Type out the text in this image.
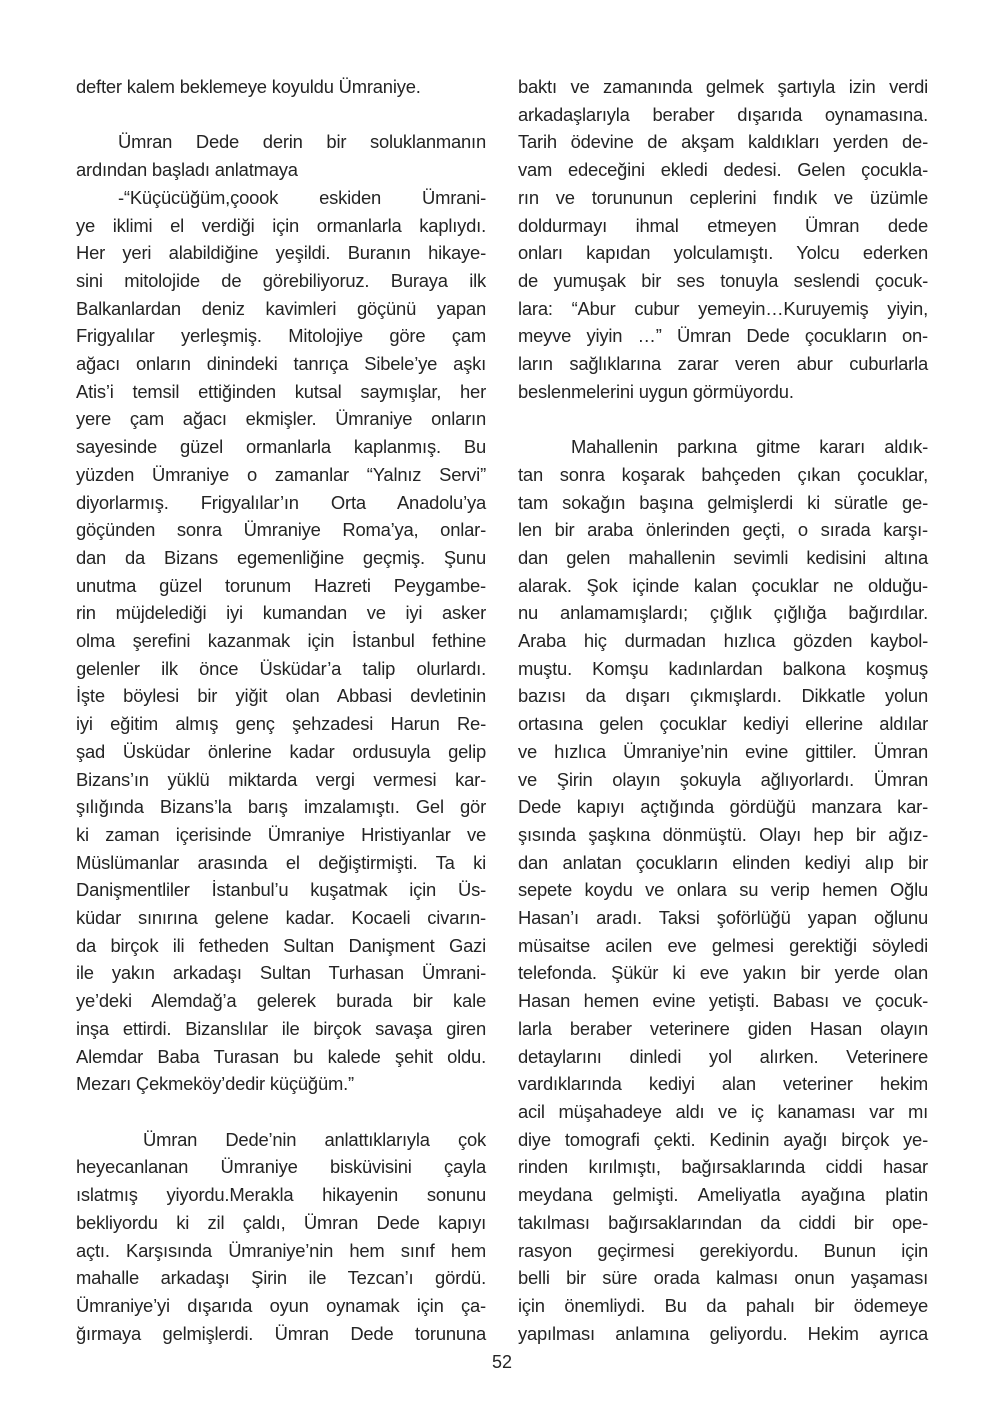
defter kalem beklemeye koyuldu Ümraniye.
Ümran Dede derin bir soluklanmanın
ardından başladı anlatmaya
-“Küçücüğüm,çoook eskiden Ümrani-
ye iklimi el verdiği için ormanlarla kaplıydı.
Her yeri alabildiğine yeşildi. Buranın hikaye-
sini mitolojide de görebiliyoruz. Buraya ilk
Balkanlardan deniz kavimleri göçünü yapan
Frigyalılar yerleşmiş. Mitolojiye göre çam
ağacı onların dinindeki tanrıça Sibele’ye aşkı
Atis’i temsil ettiğinden kutsal saymışlar, her
yere çam ağacı ekmişler. Ümraniye onların
sayesinde güzel ormanlarla kaplanmış. Bu
yüzden Ümraniye o zamanlar “Yalnız Servi”
diyorlarmış. Frigyalılar’ın Orta Anadolu’ya
göçünden sonra Ümraniye Roma’ya, onlar-
dan da Bizans egemenliğine geçmiş. Şunu
unutma güzel torunum Hazreti Peygambe-
rin müjdelediği iyi kumandan ve iyi asker
olma şerefini kazanmak için İstanbul fethine
gelenler ilk önce Üsküdar’a talip olurlardı.
İşte böylesi bir yiğit olan Abbasi devletinin
iyi eğitim almış genç şehzadesi Harun Re-
şad Üsküdar önlerine kadar ordusuyla gelip
Bizans’ın yüklü miktarda vergi vermesi kar-
şılığında Bizans’la barış imzalamıştı. Gel gör
ki zaman içerisinde Ümraniye Hristiyanlar ve
Müslümanlar arasında el değiştirmişti. Ta ki
Danişmentliler İstanbul’u kuşatmak için Üs-
küdar sınırına gelene kadar. Kocaeli civarın-
da birçok ili fetheden Sultan Danişment Gazi
ile yakın arkadaşı Sultan Turhasan Ümrani-
ye’deki Alemdağ’a gelerek burada bir kale
inşa ettirdi. Bizanslılar ile birçok savaşa giren
Alemdar Baba Turasan bu kalede şehit oldu.
Mezarı Çekmeköy’dedir küçüğüm.”
Ümran Dede’nin anlattıklarıyla çok
heyecanlanan Ümraniye bisküvisini çayla
ıslatmış yiyordu.Merakla hikayenin sonunu
bekliyordu ki zil çaldı, Ümran Dede kapıyı
açtı. Karşısında Ümraniye’nin hem sınıf hem
mahalle arkadaşı Şirin ile Tezcan’ı gördü.
Ümraniye’yi dışarıda oyun oynamak için ça-
ğırmaya gelmişlerdi. Ümran Dede torununa
baktı ve zamanında gelmek şartıyla izin verdi
arkadaşlarıyla beraber dışarıda oynamasına.
Tarih ödevine de akşam kaldıkları yerden de-
vam edeceğini ekledi dedesi. Gelen çocukla-
rın ve torununun ceplerini fındık ve üzümle
doldurmayı ihmal etmeyen Ümran dede
onları kapıdan yolculamıştı. Yolcu ederken
de yumuşak bir ses tonuyla seslendi çocuk-
lara: “Abur cubur yemeyin…Kuruyemiş yiyin,
meyve yiyin …” Ümran Dede çocukların on-
ların sağlıklarına zarar veren abur cuburlarla
beslenmelerini uygun görmüyordu.
Mahallenin parkına gitme kararı aldık-
tan sonra koşarak bahçeden çıkan çocuklar,
tam sokağın başına gelmişlerdi ki süratle ge-
len bir araba önlerinden geçti, o sırada karşı-
dan gelen mahallenin sevimli kedisini altına
alarak. Şok içinde kalan çocuklar ne olduğu-
nu anlamamışlardı; çığlık çığlığa bağırdılar.
Araba hiç durmadan hızlıca gözden kaybol-
muştu. Komşu kadınlardan balkona koşmuş
bazısı da dışarı çıkmışlardı. Dikkatle yolun
ortasına gelen çocuklar kediyi ellerine aldılar
ve hızlıca Ümraniye’nin evine gittiler. Ümran
ve Şirin olayın şokuyla ağlıyorlardı. Ümran
Dede kapıyı açtığında gördüğü manzara kar-
şısında şaşkına dönmüştü. Olayı hep bir ağız-
dan anlatan çocukların elinden kediyi alıp bir
sepete koydu ve onlara su verip hemen Oğlu
Hasan’ı aradı. Taksi şoförlüğü yapan oğlunu
müsaitse acilen eve gelmesi gerektiği söyledi
telefonda. Şükür ki eve yakın bir yerde olan
Hasan hemen evine yetişti. Babası ve çocuk-
larla beraber veterinere giden Hasan olayın
detaylarını dinledi yol alırken. Veterinere
vardıklarında kediyi alan veteriner hekim
acil müşahadeye aldı ve iç kanaması var mı
diye tomografi çekti. Kedinin ayağı birçok ye-
rinden kırılmıştı, bağırsaklarında ciddi hasar
meydana gelmişti. Ameliyatla ayağına platin
takılması bağırsaklarından da ciddi bir ope-
rasyon geçirmesi gerekiyordu. Bunun için
belli bir süre orada kalması onun yaşaması
için önemliydi. Bu da pahalı bir ödemeye
yapılması anlamına geliyordu. Hekim ayrıca
52
